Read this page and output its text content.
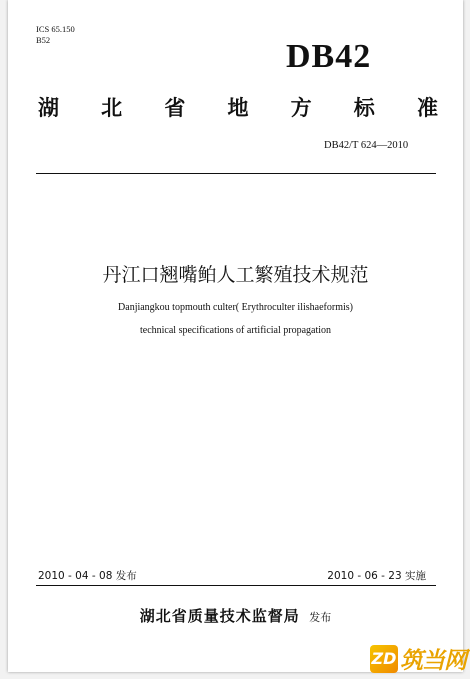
ICS 65.150
B52	DB42
湖 北 省 地 方 标 准
DB42/T 624—2010
丹江口翘嘴鲌人工繁殖技术规范
Danjiangkou topmouth culter( Erythroculter ilishaeformis)
technical specifications of artificial propagation
2010 - 04 - 08 发布	2010 - 06 - 23 实施
湖北省质量技术监督局 发布
ZD 筑当网
